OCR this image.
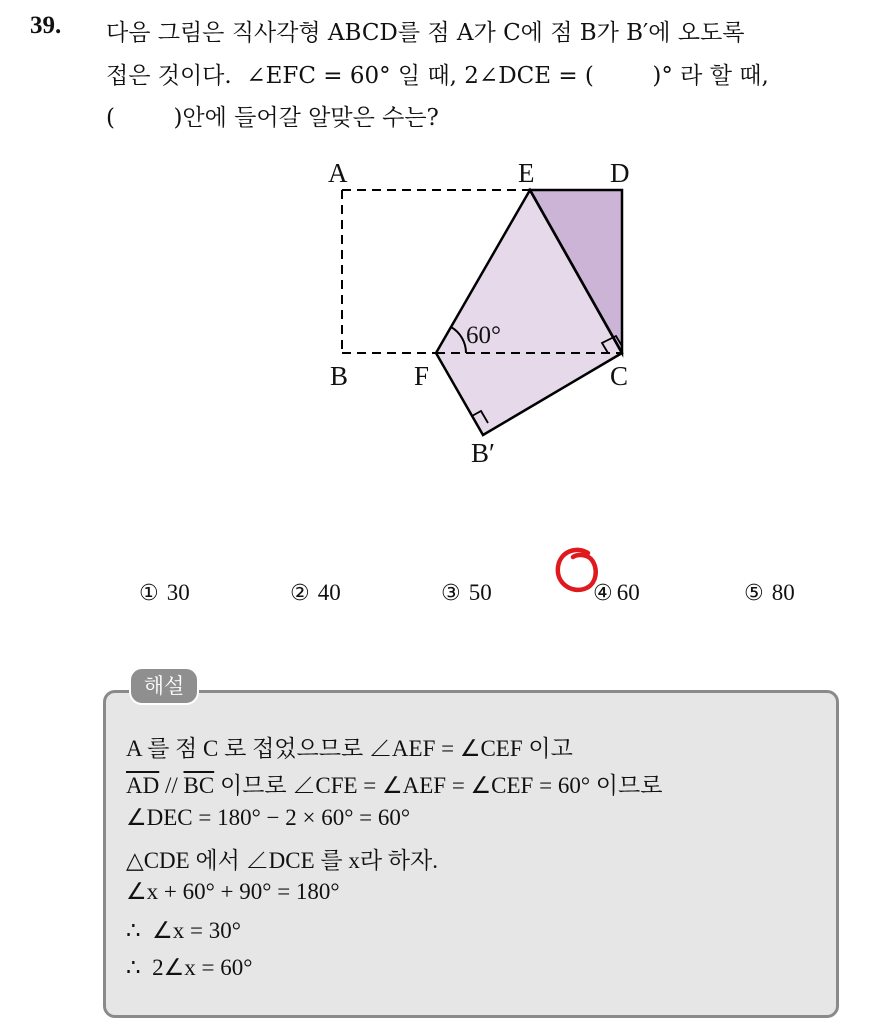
39. 다음 그림은 직사각형 ABCD를 점 A가 C에 점 B가 B′에 오도록
접은 것이다.  ∠EFC = 60° 일 때, 2∠DCE = (        )° 라 할 때,
(        )안에 들어갈 알맞은 수는?
60°
A	E	D
B F	C
B′

① 30
	② 40
	③ 50
	④ 60
	⑤ 80

해설
A 를 점 C 로 접었으므로 ∠AEF = ∠CEF 이고
$\overline{AD} // \overline{BC}$ 이므로 ∠CFE = ∠AEF = ∠CEF = 60° 이므로
∠DEC = 180° − 2 × 60° = 60°
△CDE 에서 ∠DCE 를 x라 하자.
∠x + 60° + 90° = 180°
∴  ∠x = 30°
∴  2∠x = 60°
